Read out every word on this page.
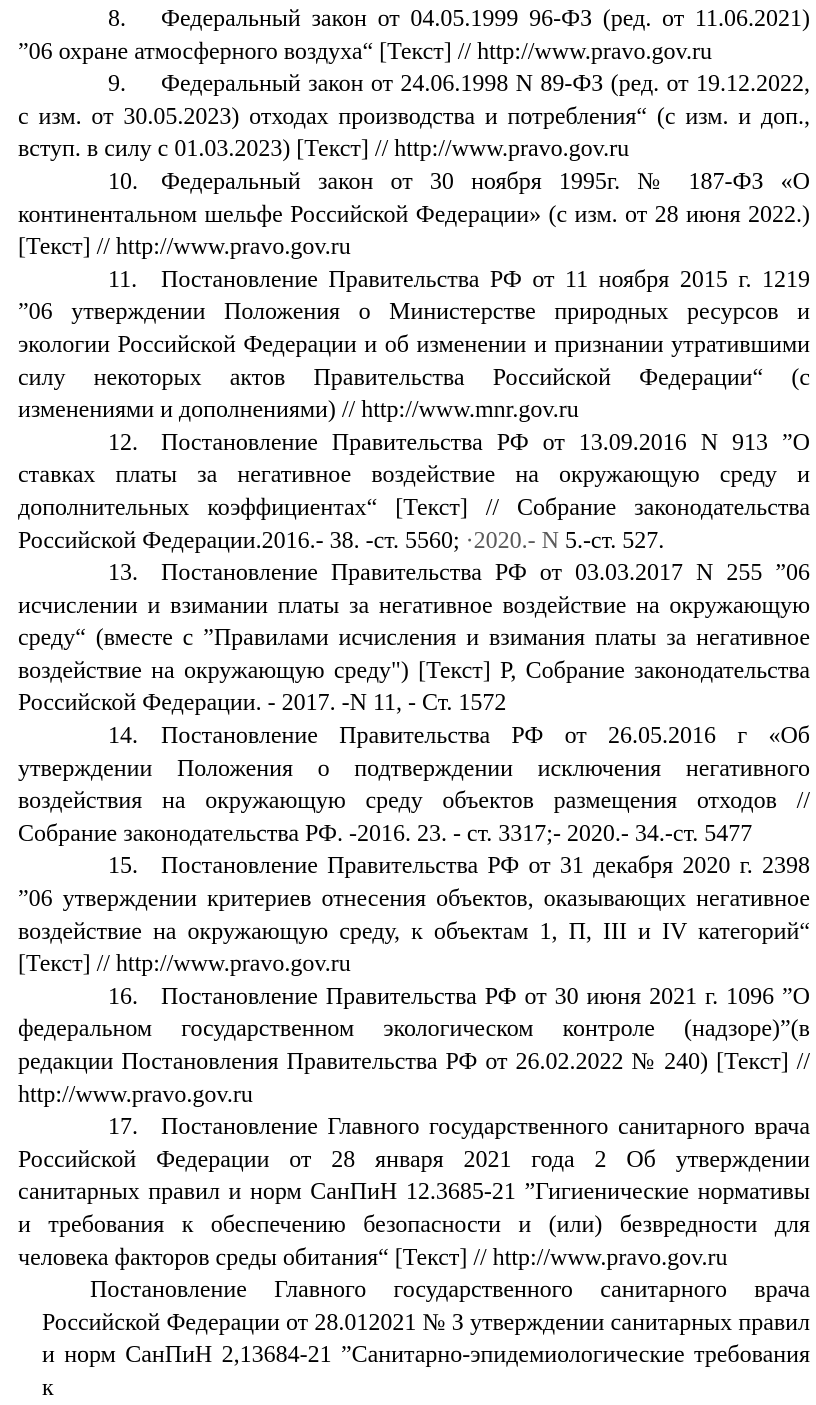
8. Федеральный закон от 04.05.1999 96-ФЗ (ред. от 11.06.2021) ”06 охране атмосферного воздуха“ [Текст] // http://www.pravo.gov.ru

9. Федеральный закон от 24.06.1998 N 89-ФЗ (ред. от 19.12.2022, с изм. от 30.05.2023) отходах производства и потребления“ (с изм. и доп., вступ. в силу с 01.03.2023) [Текст] // http://www.pravo.gov.ru

10. Федеральный закон от 30 ноября 1995г. № 187-ФЗ «О континентальном шельфе Российской Федерации» (с изм. от 28 июня 2022.) [Текст] // http://www.pravo.gov.ru

11. Постановление Правительства РФ от 11 ноября 2015 г. 1219 ”06 утверждении Положения о Министерстве природных ресурсов и экологии Российской Федерации и об изменении и признании утратившими силу некоторых актов Правительства Российской Федерации“ (с изменениями и дополнениями) // http://www.mnr.gov.ru

12. Постановление Правительства РФ от 13.09.2016 N 913 ”О ставках платы за негативное воздействие на окружающую среду и дополнительных коэффициентах“ [Текст] // Собрание законодательства Российской Федерации.2016.- 38. -ст. 5560; ·2020.- N 5.-ст. 527.

13. Постановление Правительства РФ от 03.03.2017 N 255 ”06 исчислении и взимании платы за негативное воздействие на окружающую среду“ (вместе с ”Правилами исчисления и взимания платы за негативное воздействие на окружающую среду") [Текст] Р, Собрание законодательства Российской Федерации. - 2017. -N 11, - Ст. 1572

14. Постановление Правительства РФ от 26.05.2016 г «Об утверждении Положения о подтверждении исключения негативного воздействия на окружающую среду объектов размещения отходов // Собрание законодательства РФ. -2016. 23. - ст. 3317;- 2020.- 34.-ст. 5477

15. Постановление Правительства РФ от 31 декабря 2020 г. 2398 ”06 утверждении критериев отнесения объектов, оказывающих негативное воздействие на окружающую среду, к объектам 1, П, III и IV категорий“ [Текст] // http://www.pravo.gov.ru

16. Постановление Правительства РФ от 30 июня 2021 г. 1096 ”О федеральном государственном экологическом контроле (надзоре)”(в редакции Постановления Правительства РФ от 26.02.2022 № 240) [Текст] // http://www.pravo.gov.ru

17. Постановление Главного государственного санитарного врача Российской Федерации от 28 января 2021 года 2 Об утверждении санитарных правил и норм СанПиН 12.3685-21 ”Гигиенические нормативы и требования к обеспечению безопасности и (или) безвредности для человека факторов среды обитания“ [Текст] // http://www.pravo.gov.ru

Постановление Главного государственного санитарного врача Российской Федерации от 28.012021 № З утверждении санитарных правил и норм СанПиН 2,13684-21 ”Санитарно-эпидемиологические требования к
